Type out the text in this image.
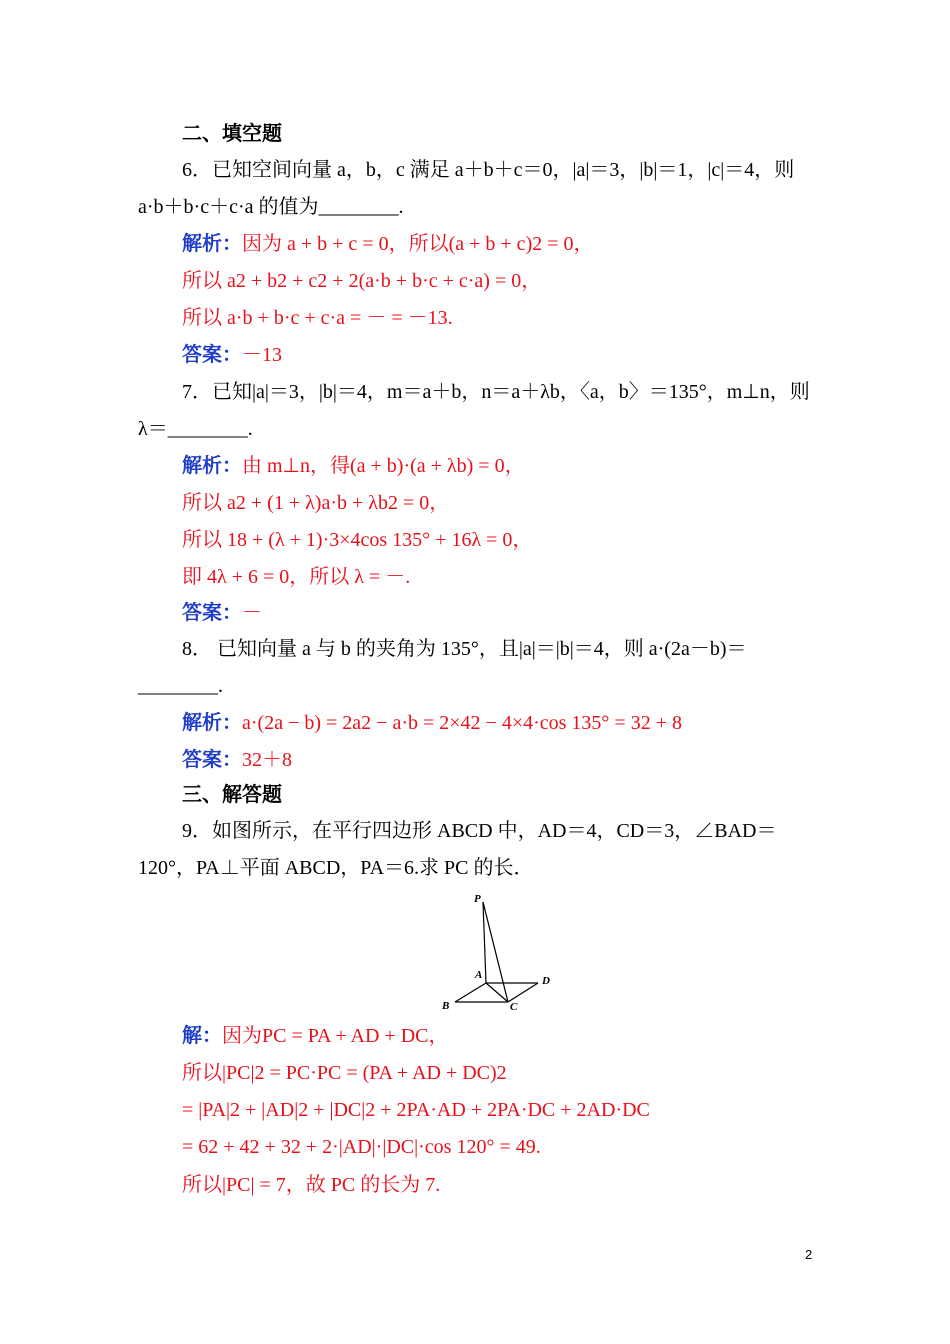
二、填空题
6．已知空间向量 a，b，c 满足 a＋b＋c＝0，|a|＝3，|b|＝1，|c|＝4，则
a·b＋b·c＋c·a 的值为________.
解析：因为 a + b + c = 0，所以(a + b + c)2 = 0，
所以 a2 + b2 + c2 + 2(a·b + b·c + c·a) = 0，
所以 a·b + b·c + c·a = － = －13.
答案：－13
7．已知|a|＝3，|b|＝4，m＝a＋b，n＝a＋λb，〈a，b〉＝135°，m⊥n，则
λ＝________.
解析：由 m⊥n，得(a + b)·(a + λb) = 0，
所以 a2 + (1 + λ)a·b + λb2 = 0，
所以 18 + (λ + 1)·3×4cos 135° + 16λ = 0，
即 4λ + 6 = 0，所以 λ = －.
答案：－
8． 已知向量 a 与 b 的夹角为 135°，且|a|＝|b|＝4，则 a·(2a－b)＝
________.
解析：a·(2a − b) = 2a2 − a·b = 2×42 − 4×4·cos 135° = 32 + 8
答案：32＋8
三、解答题
9．如图所示，在平行四边形 ABCD 中，AD＝4，CD＝3，∠BAD＝
120°，PA⊥平面 ABCD，PA＝6.求 PC 的长．
P
A
B	C
D
解：因为PC = PA + AD + DC，
所以|PC|2 = PC·PC = (PA + AD + DC)2
= |PA|2 + |AD|2 + |DC|2 + 2PA·AD + 2PA·DC + 2AD·DC
= 62 + 42 + 32 + 2·|AD|·|DC|·cos 120° = 49.
所以|PC| = 7，故 PC 的长为 7.
2
